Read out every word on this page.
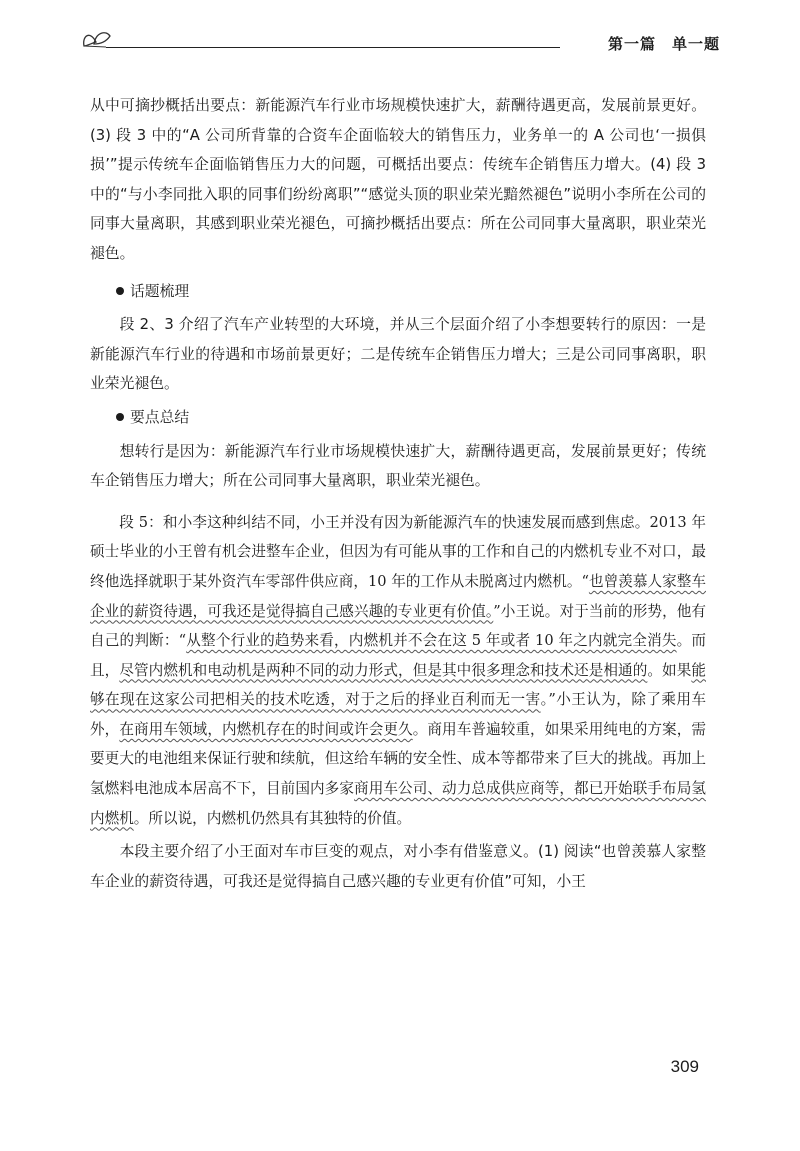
第一篇　单一题

从中可摘抄概括出要点：新能源汽车行业市场规模快速扩大，薪酬待遇更高，发展前景更好。(3) 段 3 中的“A 公司所背靠的合资车企面临较大的销售压力，业务单一的 A 公司也‘一损俱损’”提示传统车企面临销售压力大的问题，可概括出要点：传统车企销售压力增大。(4) 段 3 中的“与小李同批入职的同事们纷纷离职”“感觉头顶的职业荣光黯然褪色”说明小李所在公司的同事大量离职，其感到职业荣光褪色，可摘抄概括出要点：所在公司同事大量离职，职业荣光褪色。

话题梳理

段 2、3 介绍了汽车产业转型的大环境，并从三个层面介绍了小李想要转行的原因：一是新能源汽车行业的待遇和市场前景更好；二是传统车企销售压力增大；三是公司同事离职，职业荣光褪色。

要点总结

想转行是因为：新能源汽车行业市场规模快速扩大，薪酬待遇更高，发展前景更好；传统车企销售压力增大；所在公司同事大量离职，职业荣光褪色。

段 5：和小李这种纠结不同，小王并没有因为新能源汽车的快速发展而感到焦虑。2013 年硕士毕业的小王曾有机会进整车企业，但因为有可能从事的工作和自己的内燃机专业不对口，最终他选择就职于某外资汽车零部件供应商，10 年的工作从未脱离过内燃机。“也曾羡慕人家整车企业的薪资待遇，可我还是觉得搞自己感兴趣的专业更有价值。”小王说。对于当前的形势，他有自己的判断：“从整个行业的趋势来看，内燃机并不会在这 5 年或者 10 年之内就完全消失。而且，尽管内燃机和电动机是两种不同的动力形式，但是其中很多理念和技术还是相通的。如果能够在现在这家公司把相关的技术吃透，对于之后的择业百利而无一害。”小王认为，除了乘用车外，在商用车领域，内燃机存在的时间或许会更久。商用车普遍较重，如果采用纯电的方案，需要更大的电池组来保证行驶和续航，但这给车辆的安全性、成本等都带来了巨大的挑战。再加上氢燃料电池成本居高不下，目前国内多家商用车公司、动力总成供应商等，都已开始联手布局氢内燃机。所以说，内燃机仍然具有其独特的价值。

本段主要介绍了小王面对车市巨变的观点，对小李有借鉴意义。(1) 阅读“也曾羡慕人家整车企业的薪资待遇，可我还是觉得搞自己感兴趣的专业更有价值”可知，小王

309
